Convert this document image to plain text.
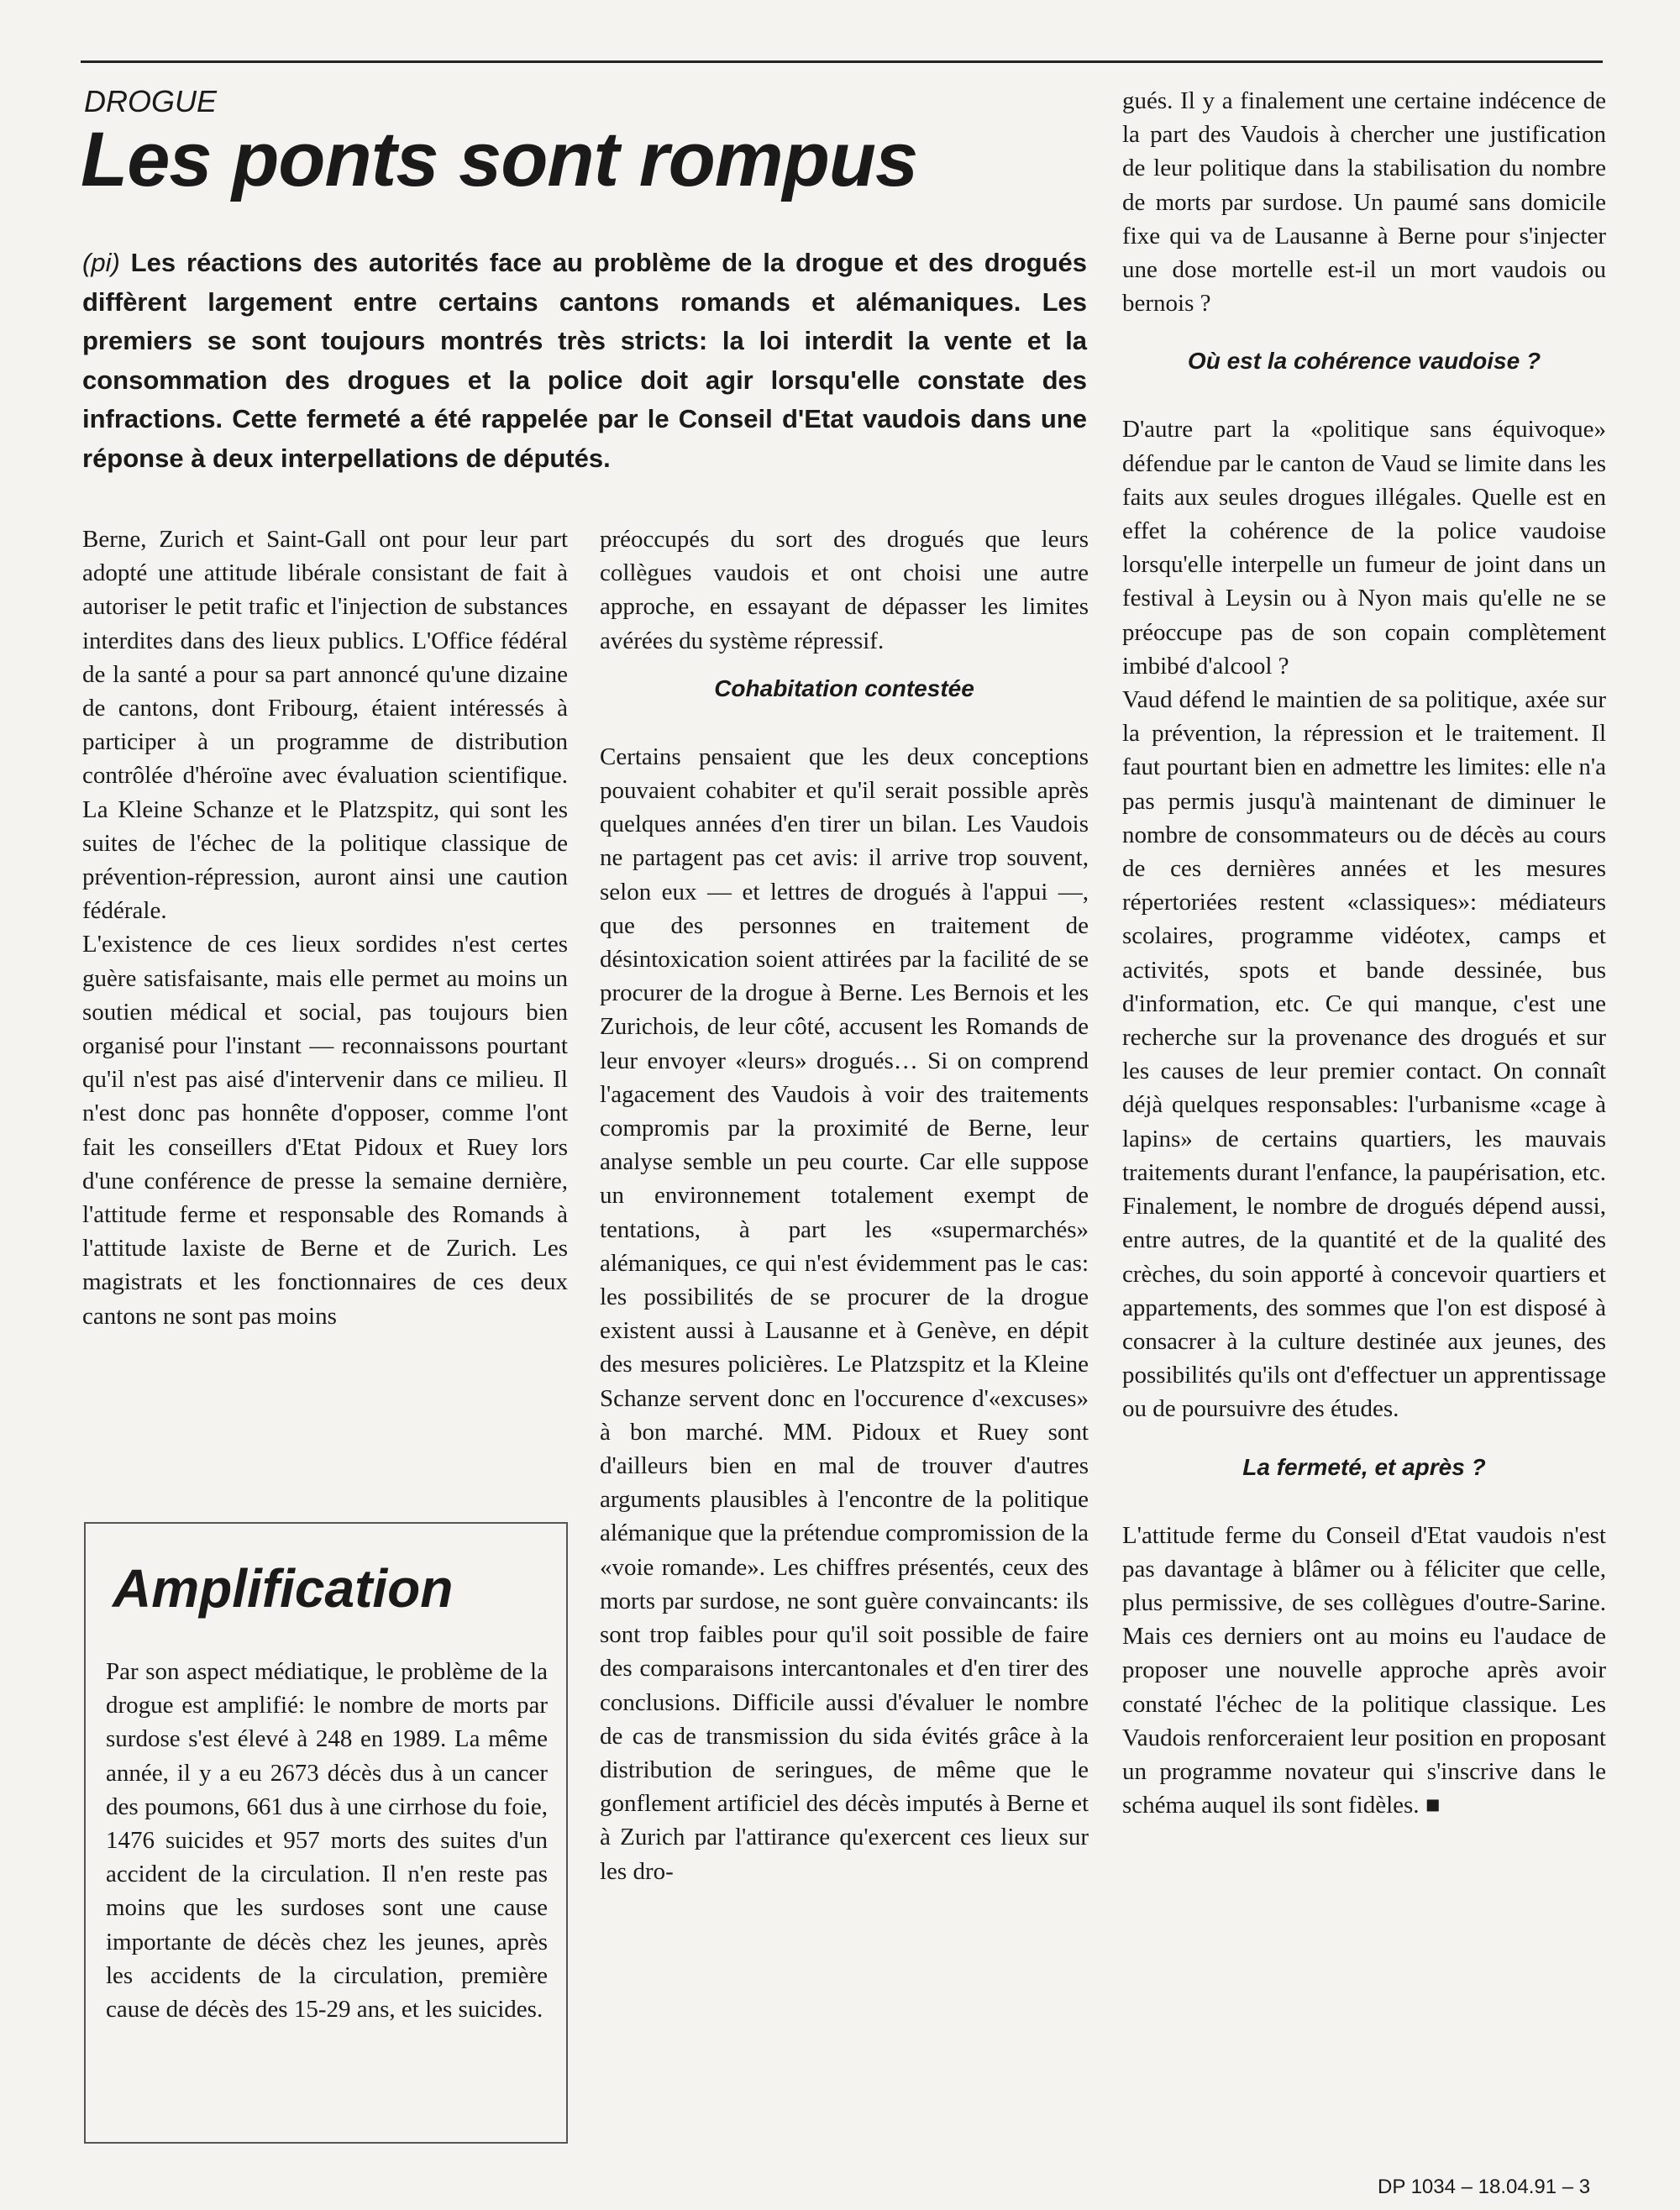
DROGUE
Les ponts sont rompus

(pi) Les réactions des autorités face au problème de la drogue et des drogués diffèrent largement entre certains cantons romands et alémaniques. Les premiers se sont toujours montrés très stricts: la loi interdit la vente et la consommation des drogues et la police doit agir lorsqu'elle constate des infractions. Cette fermeté a été rappelée par le Conseil d'Etat vaudois dans une réponse à deux interpellations de députés.

Berne, Zurich et Saint-Gall ont pour leur part adopté une attitude libérale consistant de fait à autoriser le petit trafic et l'injection de substances interdites dans des lieux publics. L'Office fédéral de la santé a pour sa part annoncé qu'une dizaine de cantons, dont Fribourg, étaient intéressés à participer à un programme de distribution contrôlée d'héroïne avec évaluation scientifique. La Kleine Schanze et le Platzspitz, qui sont les suites de l'échec de la politique classique de prévention-répression, auront ainsi une caution fédérale.

L'existence de ces lieux sordides n'est certes guère satisfaisante, mais elle permet au moins un soutien médical et social, pas toujours bien organisé pour l'instant — reconnaissons pourtant qu'il n'est pas aisé d'intervenir dans ce milieu. Il n'est donc pas honnête d'opposer, comme l'ont fait les conseillers d'Etat Pidoux et Ruey lors d'une conférence de presse la semaine dernière, l'attitude ferme et responsable des Romands à l'attitude laxiste de Berne et de Zurich. Les magistrats et les fonctionnaires de ces deux cantons ne sont pas moins

Amplification

Par son aspect médiatique, le problème de la drogue est amplifié: le nombre de morts par surdose s'est élevé à 248 en 1989. La même année, il y a eu 2673 décès dus à un cancer des poumons, 661 dus à une cirrhose du foie, 1476 suicides et 957 morts des suites d'un accident de la circulation. Il n'en reste pas moins que les surdoses sont une cause importante de décès chez les jeunes, après les accidents de la circulation, première cause de décès des 15-29 ans, et les suicides.

préoccupés du sort des drogués que leurs collègues vaudois et ont choisi une autre approche, en essayant de dépasser les limites avérées du système répressif.

Cohabitation contestée

Certains pensaient que les deux conceptions pouvaient cohabiter et qu'il serait possible après quelques années d'en tirer un bilan. Les Vaudois ne partagent pas cet avis: il arrive trop souvent, selon eux — et lettres de drogués à l'appui —, que des personnes en traitement de désintoxication soient attirées par la facilité de se procurer de la drogue à Berne. Les Bernois et les Zurichois, de leur côté, accusent les Romands de leur envoyer «leurs» drogués… Si on comprend l'agacement des Vaudois à voir des traitements compromis par la proximité de Berne, leur analyse semble un peu courte. Car elle suppose un environnement totalement exempt de tentations, à part les «supermarchés» alémaniques, ce qui n'est évidemment pas le cas: les possibilités de se procurer de la drogue existent aussi à Lausanne et à Genève, en dépit des mesures policières. Le Platzspitz et la Kleine Schanze servent donc en l'occurence d'«excuses» à bon marché. MM. Pidoux et Ruey sont d'ailleurs bien en mal de trouver d'autres arguments plausibles à l'encontre de la politique alémanique que la prétendue compromission de la «voie romande». Les chiffres présentés, ceux des morts par surdose, ne sont guère convaincants: ils sont trop faibles pour qu'il soit possible de faire des comparaisons intercantonales et d'en tirer des conclusions. Difficile aussi d'évaluer le nombre de cas de transmission du sida évités grâce à la distribution de seringues, de même que le gonflement artificiel des décès imputés à Berne et à Zurich par l'attirance qu'exercent ces lieux sur les dro-

gués. Il y a finalement une certaine indécence de la part des Vaudois à chercher une justification de leur politique dans la stabilisation du nombre de morts par surdose. Un paumé sans domicile fixe qui va de Lausanne à Berne pour s'injecter une dose mortelle est-il un mort vaudois ou bernois ?

Où est la cohérence vaudoise ?

D'autre part la «politique sans équivoque» défendue par le canton de Vaud se limite dans les faits aux seules drogues illégales. Quelle est en effet la cohérence de la police vaudoise lorsqu'elle interpelle un fumeur de joint dans un festival à Leysin ou à Nyon mais qu'elle ne se préoccupe pas de son copain complètement imbibé d'alcool ?

Vaud défend le maintien de sa politique, axée sur la prévention, la répression et le traitement. Il faut pourtant bien en admettre les limites: elle n'a pas permis jusqu'à maintenant de diminuer le nombre de consommateurs ou de décès au cours de ces dernières années et les mesures répertoriées restent «classiques»: médiateurs scolaires, programme vidéotex, camps et activités, spots et bande dessinée, bus d'information, etc. Ce qui manque, c'est une recherche sur la provenance des drogués et sur les causes de leur premier contact. On connaît déjà quelques responsables: l'urbanisme «cage à lapins» de certains quartiers, les mauvais traitements durant l'enfance, la paupérisation, etc. Finalement, le nombre de drogués dépend aussi, entre autres, de la quantité et de la qualité des crèches, du soin apporté à concevoir quartiers et appartements, des sommes que l'on est disposé à consacrer à la culture destinée aux jeunes, des possibilités qu'ils ont d'effectuer un apprentissage ou de poursuivre des études.

La fermeté, et après ?

L'attitude ferme du Conseil d'Etat vaudois n'est pas davantage à blâmer ou à féliciter que celle, plus permissive, de ses collègues d'outre-Sarine. Mais ces derniers ont au moins eu l'audace de proposer une nouvelle approche après avoir constaté l'échec de la politique classique. Les Vaudois renforceraient leur position en proposant un programme novateur qui s'inscrive dans le schéma auquel ils sont fidèles. ■

DP 1034 – 18.04.91 – 3
